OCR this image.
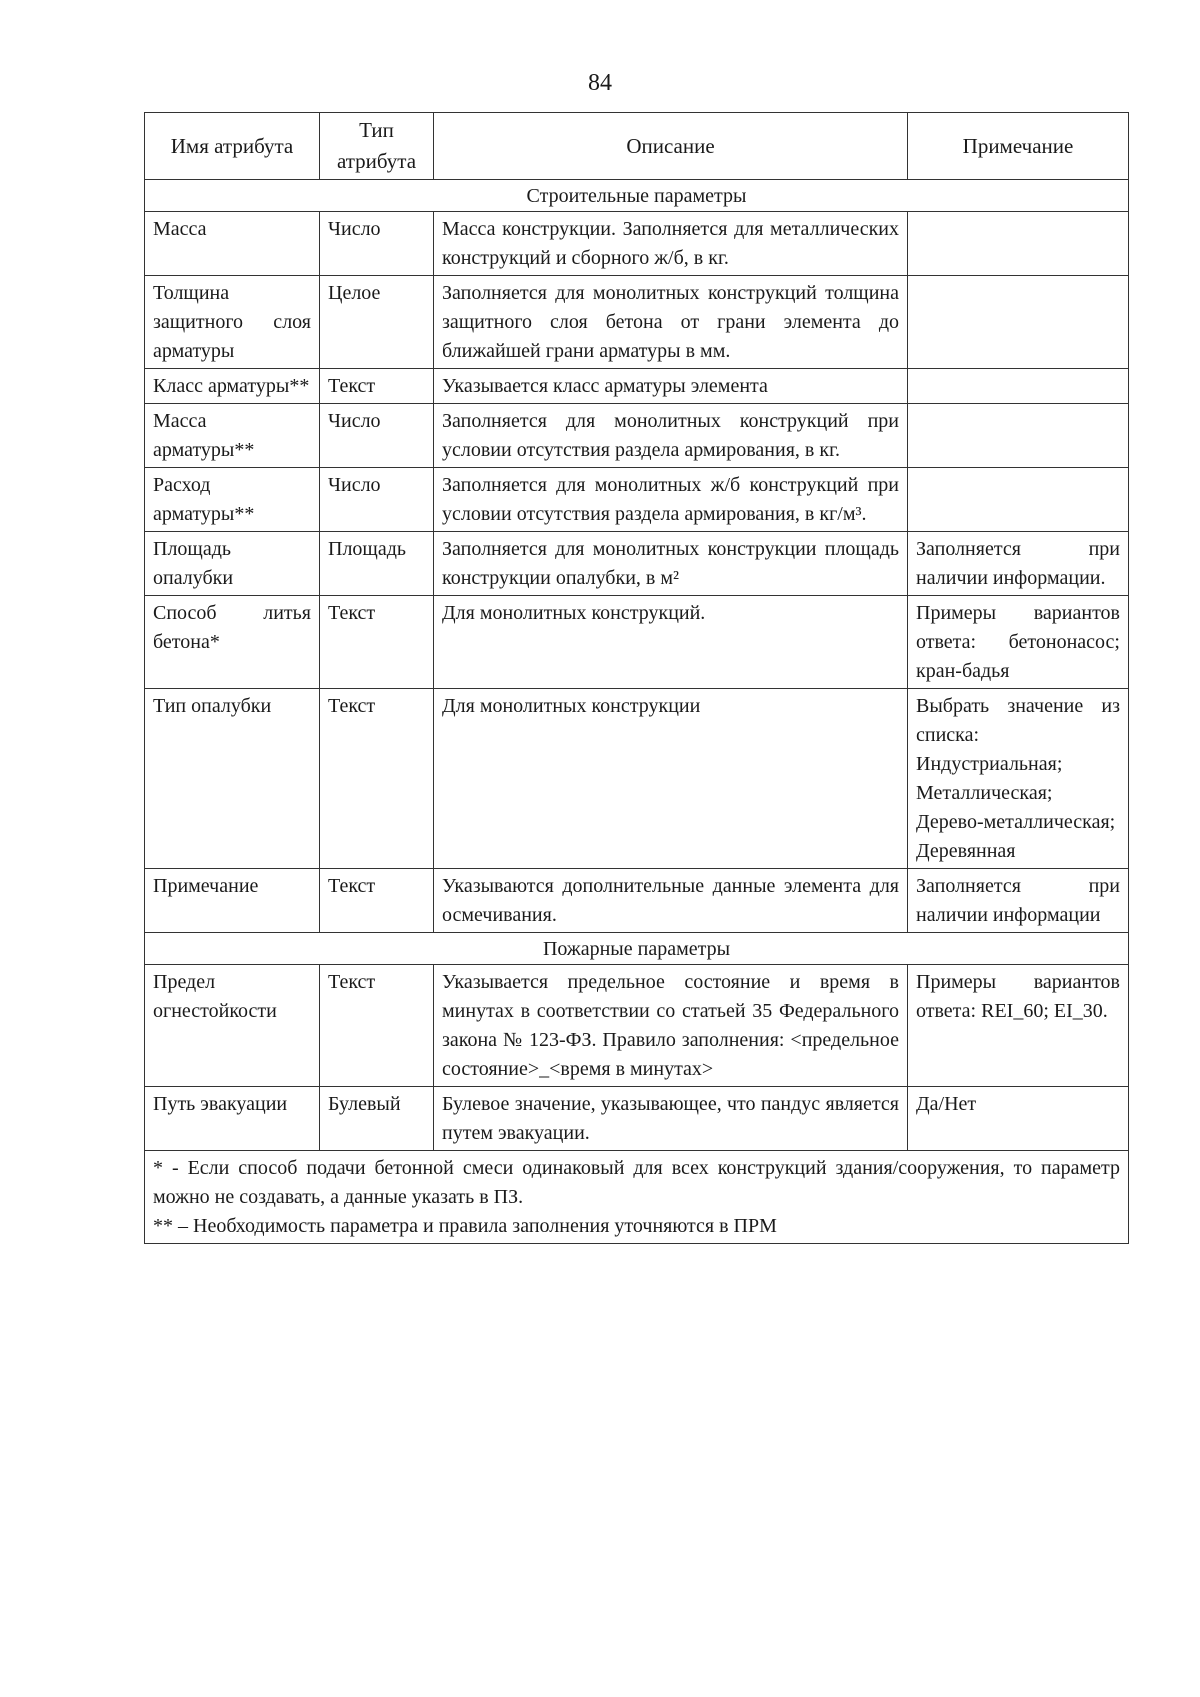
84
Имя атрибута	Тип атрибута	Описание	Примечание
Строительные параметры			
Масса	Число	Масса конструкции. Заполняется для металлических конструкций и сборного ж/б, в кг.	
Толщина защитного слоя арматуры	Целое	Заполняется для монолитных конструкций толщина защитного слоя бетона от грани элемента до ближайшей грани арматуры в мм.	
Класс арматуры**	Текст	Указывается класс арматуры элемента	
Масса арматуры**	Число	Заполняется для монолитных конструкций при условии отсутствия раздела армирования, в кг.	
Расход арматуры**	Число	Заполняется для монолитных ж/б конструкций при условии отсутствия раздела армирования, в кг/м³.	
Площадь опалубки	Площадь	Заполняется для монолитных конструкции площадь конструкции опалубки, в м²	Заполняется при наличии информации.
Способ литья бетона*	Текст	Для монолитных конструкций.	Примеры вариантов ответа: бетононасос; кран-бадья
Тип опалубки	Текст	Для монолитных конструкции	Выбрать значение из списка: Индустриальная; Металлическая; Дерево-металлическая; Деревянная
Примечание	Текст	Указываются дополнительные данные элемента для осмечивания.	Заполняется при наличии информации
Пожарные параметры			
Предел огнестойкости	Текст	Указывается предельное состояние и время в минутах в соответствии со статьей 35 Федерального закона № 123-ФЗ. Правило заполнения: <предельное состояние>_<время в минутах>	Примеры вариантов ответа: REI_60; EI_30.
Путь эвакуации	Булевый	Булевое значение, указывающее, что пандус является путем эвакуации.	Да/Нет

* - Если способ подачи бетонной смеси одинаковый для всех конструкций здания/сооружения, то параметр можно не создавать, а данные указать в ПЗ.

** – Необходимость параметра и правила заполнения уточняются в ПРМ			
